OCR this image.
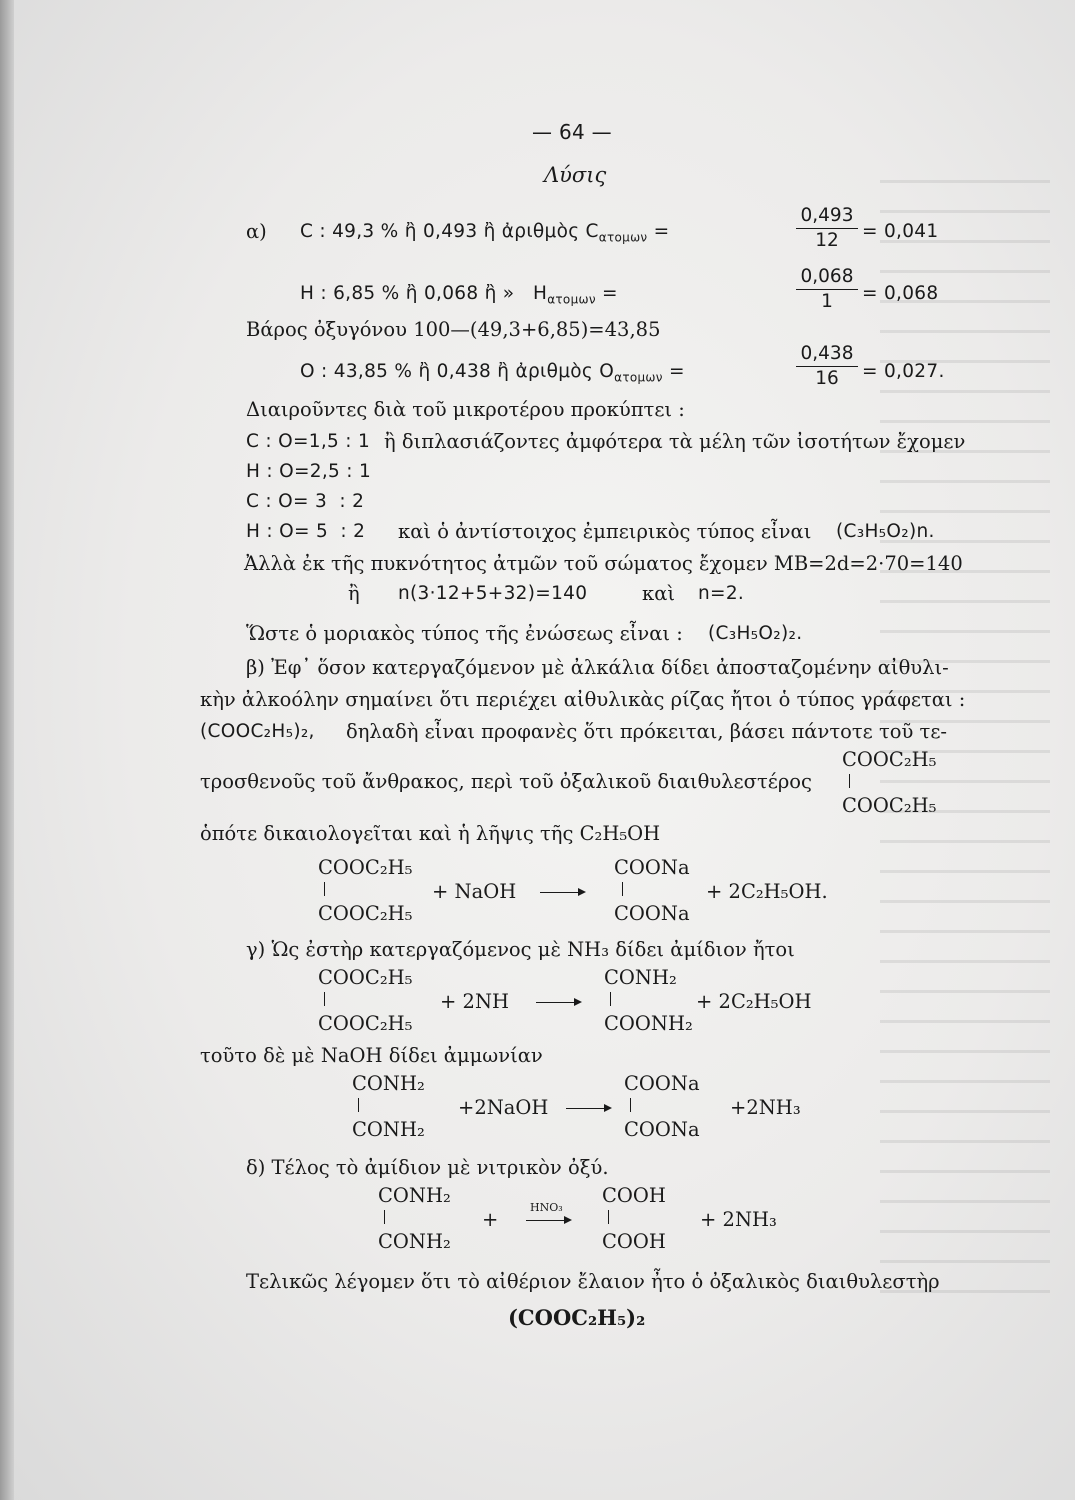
— 64 —
Λύσις
α) C : 49,3 % ἢ 0,493 ἢ ἀριθμὸς $C_{\alpha\tau o\mu\omega\nu}$ =	$\frac{0,493}{12} = 0,041$
H : 6,85 % ἢ 0,068 ἢ » $H_{\alpha\tau o\mu\omega\nu}$ =	$\frac{0,068}{1} = 0,068$
Βάρος ὀξυγόνου 100—(49,3+6,85)=43,85
O : 43,85 % ἢ 0,438 ἢ ἀριθμὸς $O_{\alpha\tau o\mu\omega\nu}$ =	$\frac{0,438}{16} = 0,027$.
Διαιροῦντες διὰ τοῦ μικροτέρου προκύπτει :
C : O=1,5 : 1 ἢ διπλασιάζοντες ἀμφότερα τὰ μέλη τῶν ἰσοτήτων ἔχομεν
H : O=2,5 : 1
C : O= 3  : 2
H : O= 5  : 2 καὶ ὁ ἀντίστοιχος ἐμπειρικὸς τύπος εἶναι (C₃H₅O₂)n.
Ἀλλὰ ἐκ τῆς πυκνότητος ἀτμῶν τοῦ σώματος ἔχομεν MB=2d=2·70=140
ἢ n(3·12+5+32)=140	καὶ n=2.
Ὥστε ὁ μοριακὸς τύπος τῆς ἐνώσεως εἶναι : (C₃H₅O₂)₂.
β) Ἐφ᾽ ὅσον κατεργαζόμενον μὲ ἀλκάλια δίδει ἀποσταζομένην αἰθυλι-
κὴν ἀλκοόλην σημαίνει ὅτι περιέχει αἰθυλικὰς ρίζας ἤτοι ὁ τύπος γράφεται :
(COOC₂H₅)₂, δηλαδὴ εἶναι προφανὲς ὅτι πρόκειται, βάσει πάντοτε τοῦ τε-
COOC₂H₅
τροσθενοῦς τοῦ ἄνθρακος, περὶ τοῦ ὀξαλικοῦ διαιθυλεστέρος
COOC₂H₅
ὁπότε δικαιολογεῖται καὶ ἡ λῆψις τῆς C₂H₅OH
COOC₂H₅
COOC₂H₅
+ NaOH
COONa
COONa
+ 2C₂H₅OH.
γ) Ὡς ἐστὴρ κατεργαζόμενος μὲ NH₃ δίδει ἀμίδιον ἤτοι
COOC₂H₅
COOC₂H₅
+ 2NH
CONH₂
COONH₂
+ 2C₂H₅OH
τοῦτο δὲ μὲ NaOH δίδει ἀμμωνίαν
CONH₂
CONH₂
+2NaOH
COONa
COONa
+2NH₃
δ) Τέλος τὸ ἀμίδιον μὲ νιτρικὸν ὀξύ.
CONH₂
CONH₂
+
HNO₃
COOH
COOH
+ 2NH₃
Τελικῶς λέγομεν ὅτι τὸ αἰθέριον ἔλαιον ἦτο ὁ ὀξαλικὸς διαιθυλεστὴρ
(COOC₂H₅)₂
